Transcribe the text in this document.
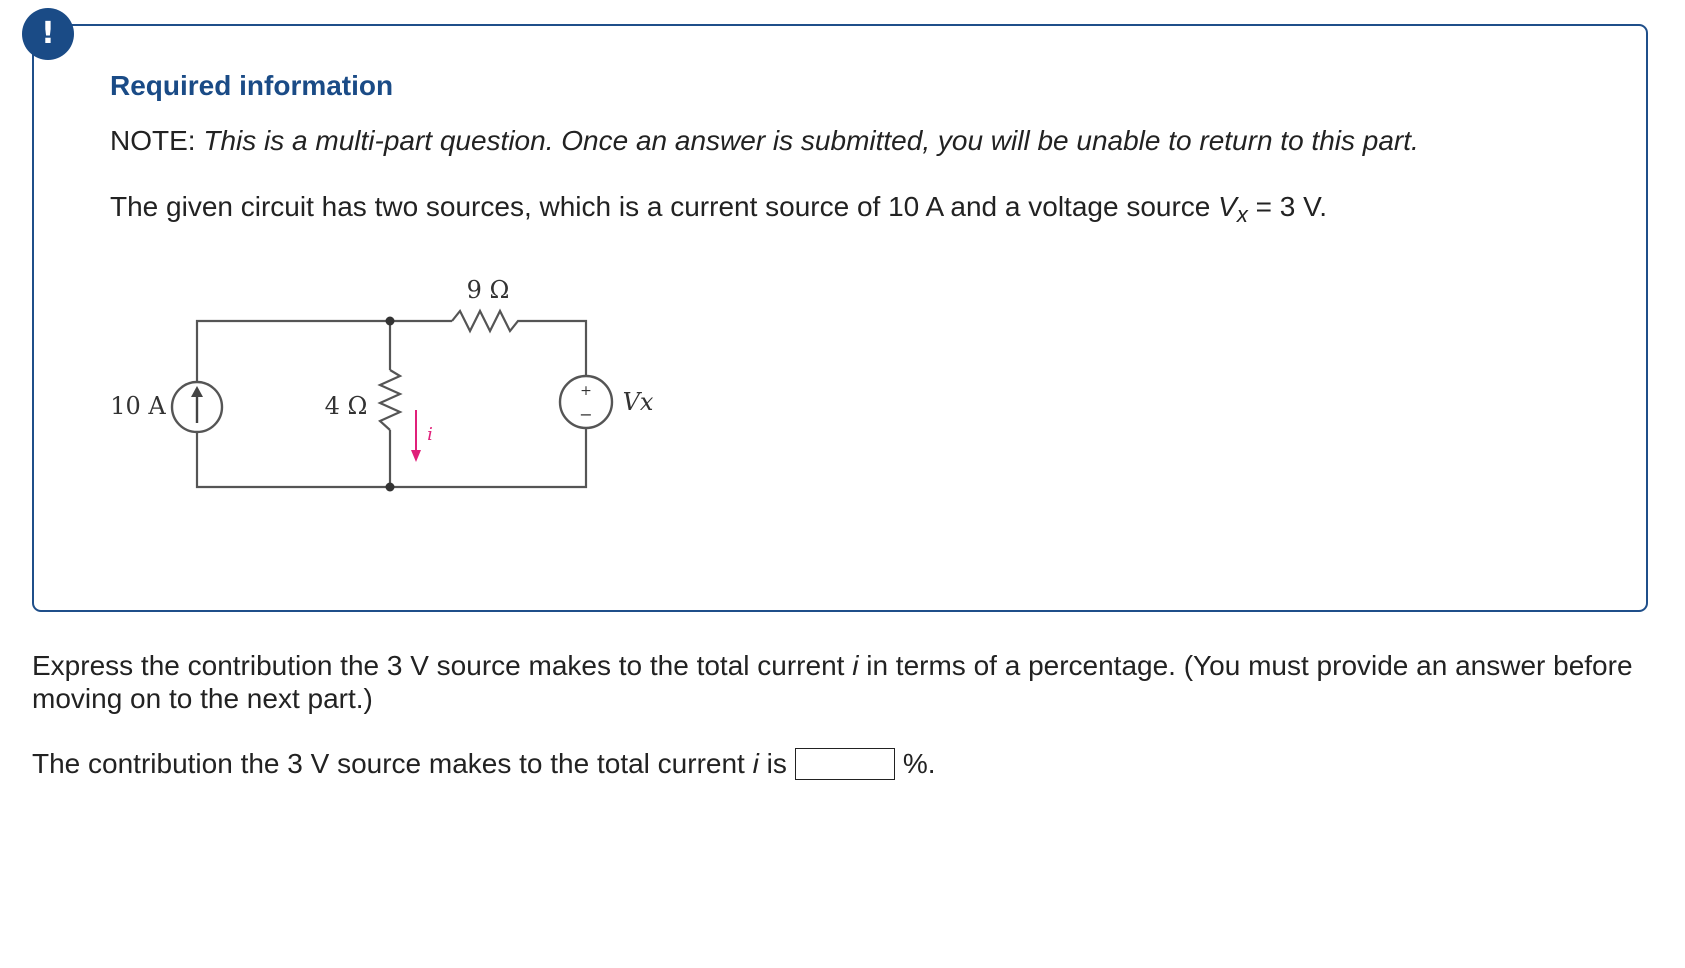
!
Required information

NOTE: This is a multi-part question. Once an answer is submitted, you will be unable to return to this part.

The given circuit has two sources, which is a current source of 10 A and a voltage source $V_x = 3$ V.

+
−
9 Ω
4 Ω
10 A	Vx
i

Express the contribution the 3 V source makes to the total current i in terms of a percentage. (You must provide an answer before moving on to the next part.)

The contribution the 3 V source makes to the total current
i
is	%.
